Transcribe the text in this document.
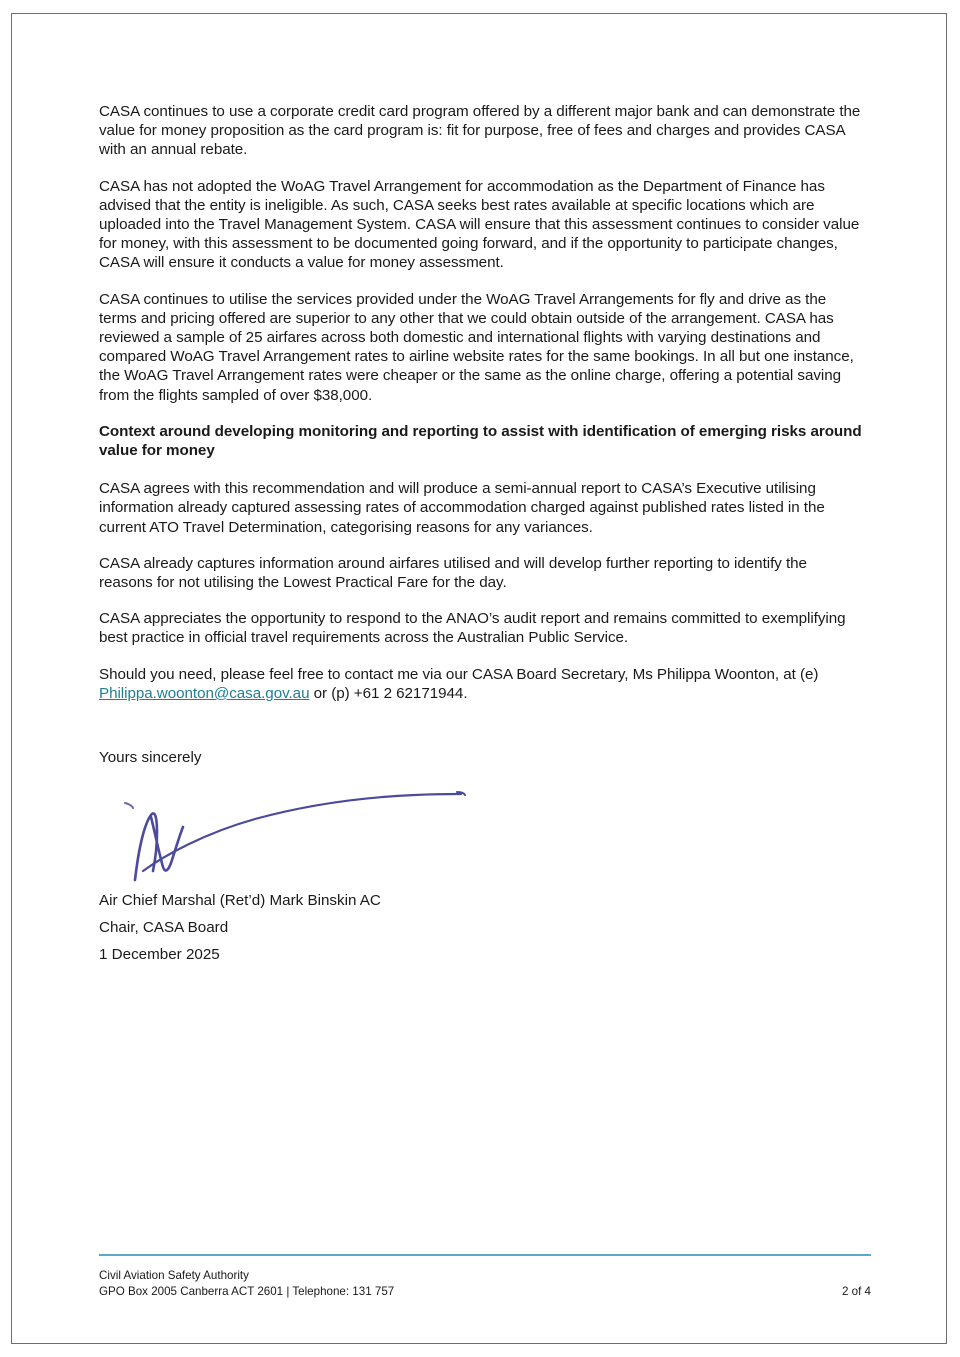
CASA continues to use a corporate credit card program offered by a different major bank and can demonstrate the value for money proposition as the card program is: fit for purpose, free of fees and charges and provides CASA with an annual rebate.

CASA has not adopted the WoAG Travel Arrangement for accommodation as the Department of Finance has advised that the entity is ineligible. As such, CASA seeks best rates available at specific locations which are uploaded into the Travel Management System. CASA will ensure that this assessment continues to consider value for money, with this assessment to be documented going forward, and if the opportunity to participate changes, CASA will ensure it conducts a value for money assessment.

CASA continues to utilise the services provided under the WoAG Travel Arrangements for fly and drive as the terms and pricing offered are superior to any other that we could obtain outside of the arrangement. CASA has reviewed a sample of 25 airfares across both domestic and international flights with varying destinations and compared WoAG Travel Arrangement rates to airline website rates for the same bookings. In all but one instance, the WoAG Travel Arrangement rates were cheaper or the same as the online charge, offering a potential saving from the flights sampled of over $38,000.

Context around developing monitoring and reporting to assist with identification of emerging risks around value for money

CASA agrees with this recommendation and will produce a semi-annual report to CASA’s Executive utilising information already captured assessing rates of accommodation charged against published rates listed in the current ATO Travel Determination, categorising reasons for any variances.

CASA already captures information around airfares utilised and will develop further reporting to identify the reasons for not utilising the Lowest Practical Fare for the day.

CASA appreciates the opportunity to respond to the ANAO’s audit report and remains committed to exemplifying best practice in official travel requirements across the Australian Public Service.

Should you need, please feel free to contact me via our CASA Board Secretary, Ms Philippa Woonton, at (e) Philippa.woonton@casa.gov.au or (p) +61 2 62171944.

Yours sincerely
Air Chief Marshal (Ret’d) Mark Binskin AC
Chair, CASA Board
1 December 2025
Civil Aviation Safety Authority
GPO Box 2005 Canberra ACT 2601 | Telephone: 131 757	2 of 4
